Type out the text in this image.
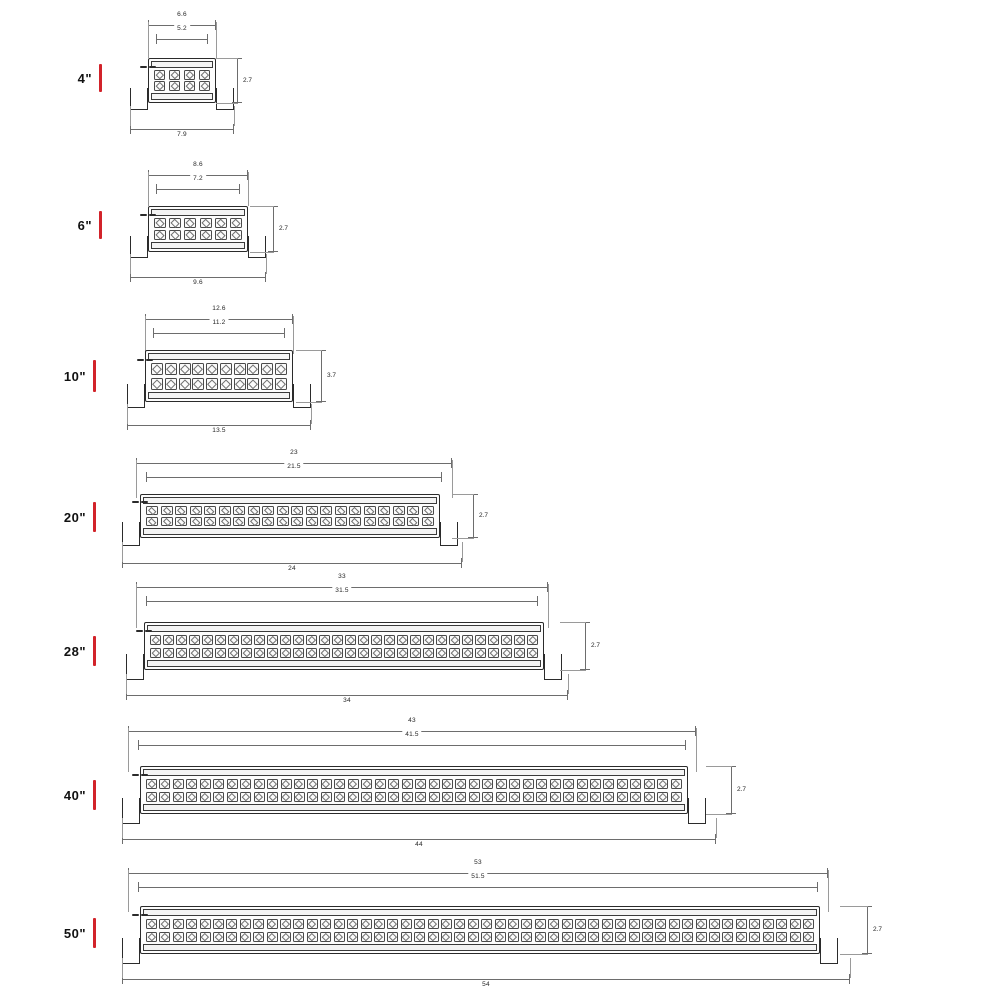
4"
6.6
5.2
2.7
7.9
6"
8.6
7.2
2.7
9.6
10"
12.6
11.2
3.7
13.5
20"
23
21.5
2.7
24
28"
33
31.5
2.7
34
40"
43
41.5
2.7
44
50"
53
51.5
2.7
54
